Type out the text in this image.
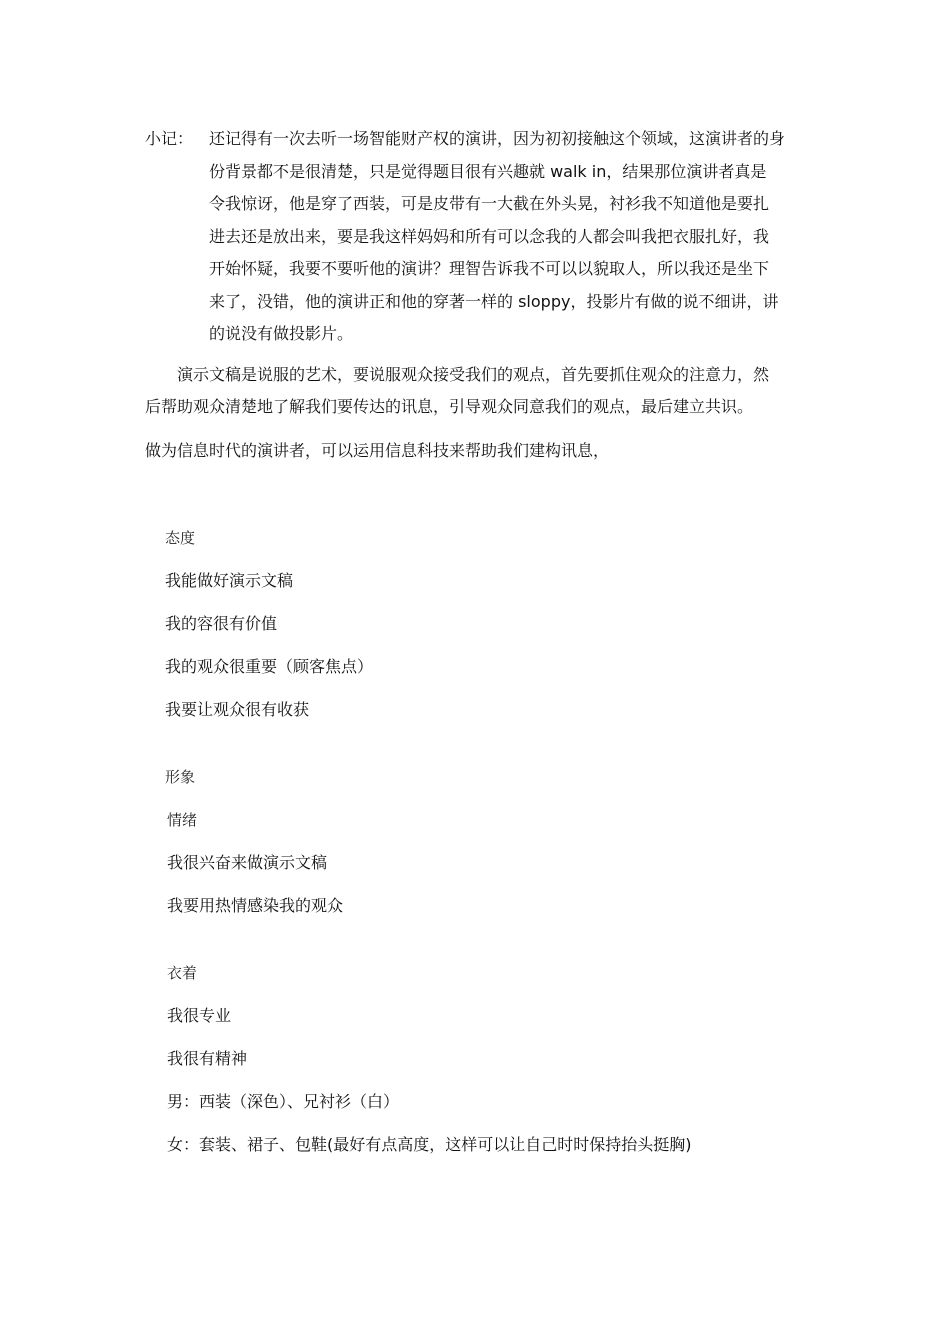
小记： 还记得有一次去听一场智能财产权的演讲，因为初初接触这个领域，这演讲者的身
份背景都不是很清楚，只是觉得题目很有兴趣就 walk in，结果那位演讲者真是
令我惊讶，他是穿了西装，可是皮带有一大截在外头晃，衬衫我不知道他是要扎
进去还是放出来，要是我这样妈妈和所有可以念我的人都会叫我把衣服扎好，我
开始怀疑，我要不要听他的演讲？理智告诉我不可以以貌取人，所以我还是坐下
来了，没错，他的演讲正和他的穿著一样的 sloppy，投影片有做的说不细讲，讲
的说没有做投影片。
演示文稿是说服的艺术，要说服观众接受我们的观点，首先要抓住观众的注意力，然
后帮助观众清楚地了解我们要传达的讯息，引导观众同意我们的观点，最后建立共识。
做为信息时代的演讲者，可以运用信息科技来帮助我们建构讯息，
态度
我能做好演示文稿
我的容很有价值
我的观众很重要（顾客焦点）
我要让观众很有收获
形象
情绪
我很兴奋来做演示文稿
我要用热情感染我的观众
衣着
我很专业
我很有精神
男：西装（深色）、兄衬衫（白）
女：套装、裙子、包鞋(最好有点高度，这样可以让自己时时保持抬头挺胸)
